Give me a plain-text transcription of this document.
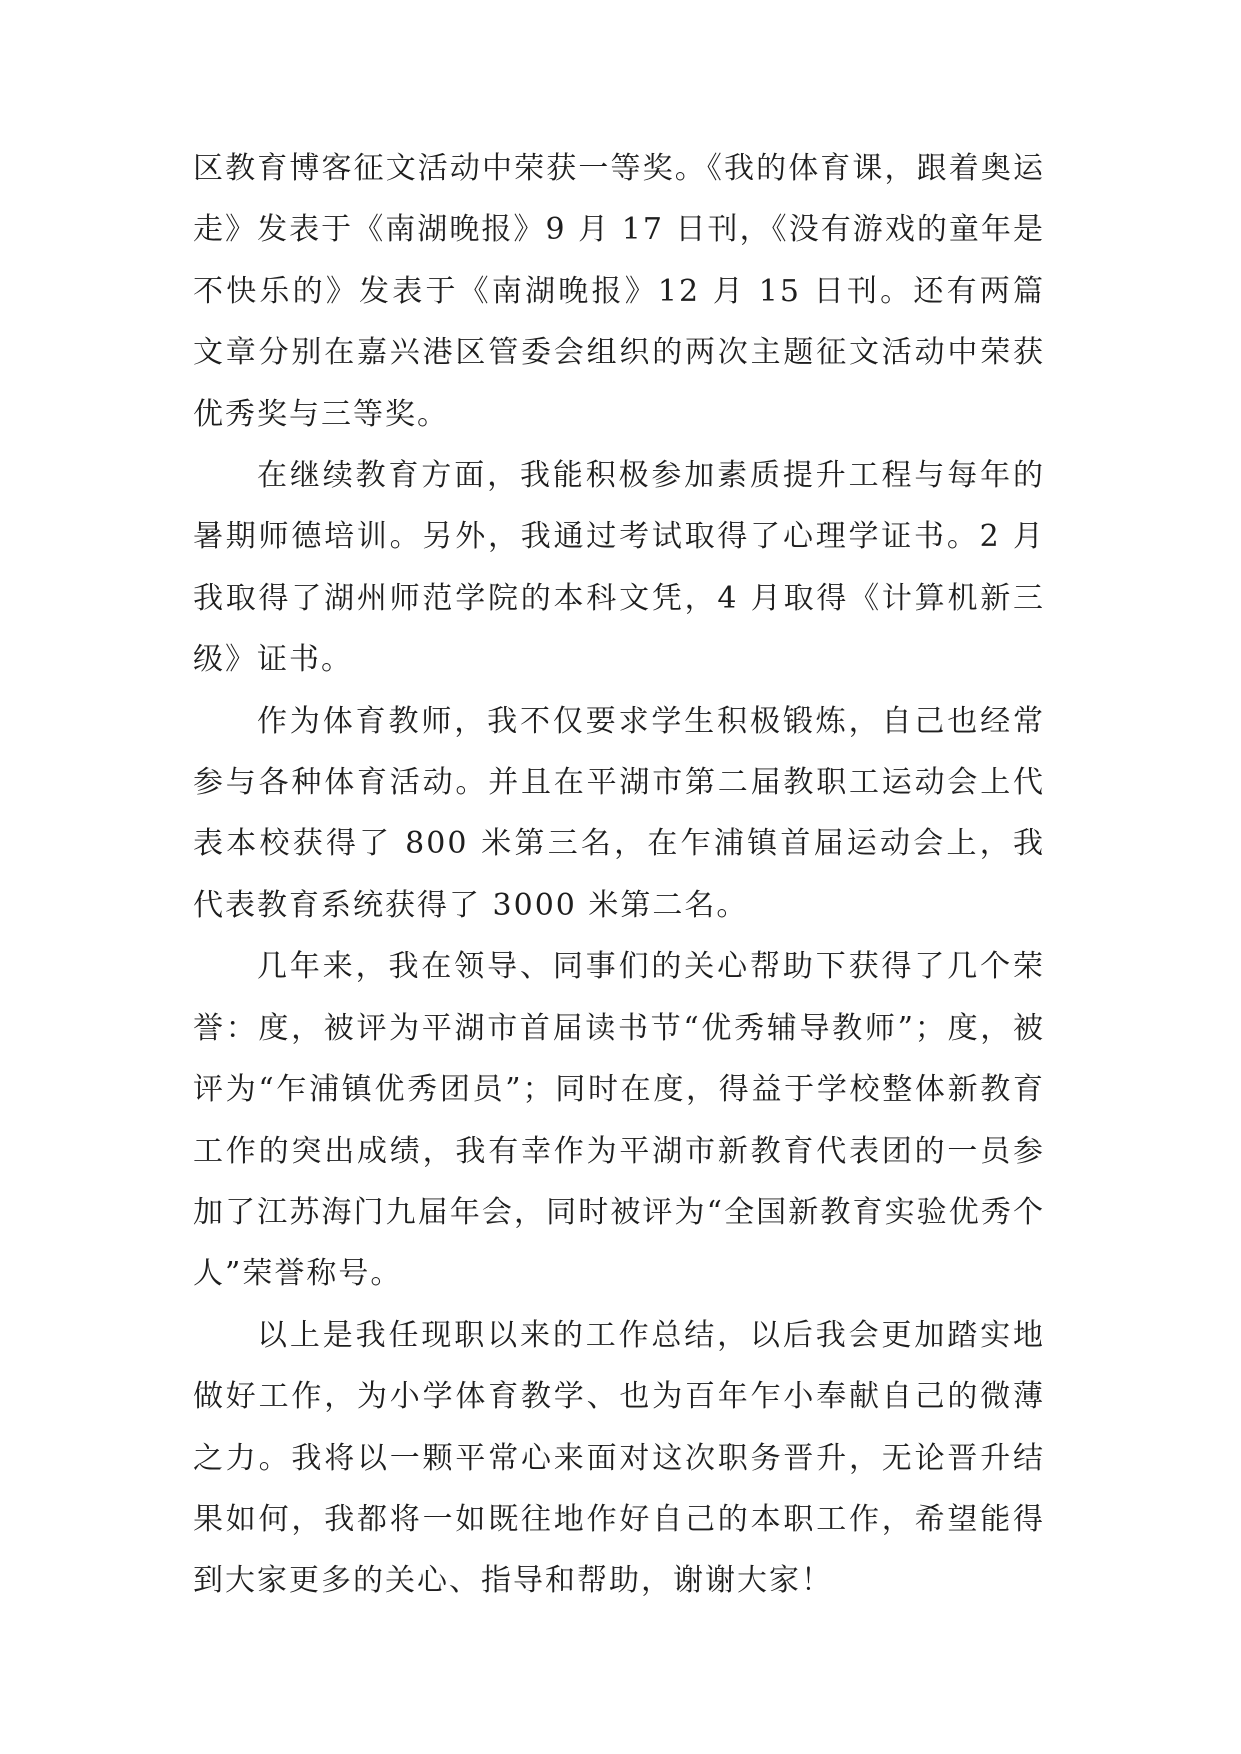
区教育博客征文活动中荣获一等奖。《我的体育课，跟着奥运走》发表于《南湖晚报》9 月 17 日刊，《没有游戏的童年是不快乐的》发表于《南湖晚报》12 月 15 日刊。还有两篇文章分别在嘉兴港区管委会组织的两次主题征文活动中荣获优秀奖与三等奖。

在继续教育方面，我能积极参加素质提升工程与每年的暑期师德培训。另外，我通过考试取得了心理学证书。2 月我取得了湖州师范学院的本科文凭，4 月取得《计算机新三级》证书。

作为体育教师，我不仅要求学生积极锻炼，自己也经常参与各种体育活动。并且在平湖市第二届教职工运动会上代表本校获得了 800 米第三名，在乍浦镇首届运动会上，我代表教育系统获得了 3000 米第二名。

几年来，我在领导、同事们的关心帮助下获得了几个荣誉：度，被评为平湖市首届读书节“优秀辅导教师”；度，被评为“乍浦镇优秀团员”；同时在度，得益于学校整体新教育工作的突出成绩，我有幸作为平湖市新教育代表团的一员参加了江苏海门九届年会，同时被评为“全国新教育实验优秀个人”荣誉称号。

以上是我任现职以来的工作总结，以后我会更加踏实地做好工作，为小学体育教学、也为百年乍小奉献自己的微薄之力。我将以一颗平常心来面对这次职务晋升，无论晋升结果如何，我都将一如既往地作好自己的本职工作，希望能得到大家更多的关心、指导和帮助，谢谢大家！
